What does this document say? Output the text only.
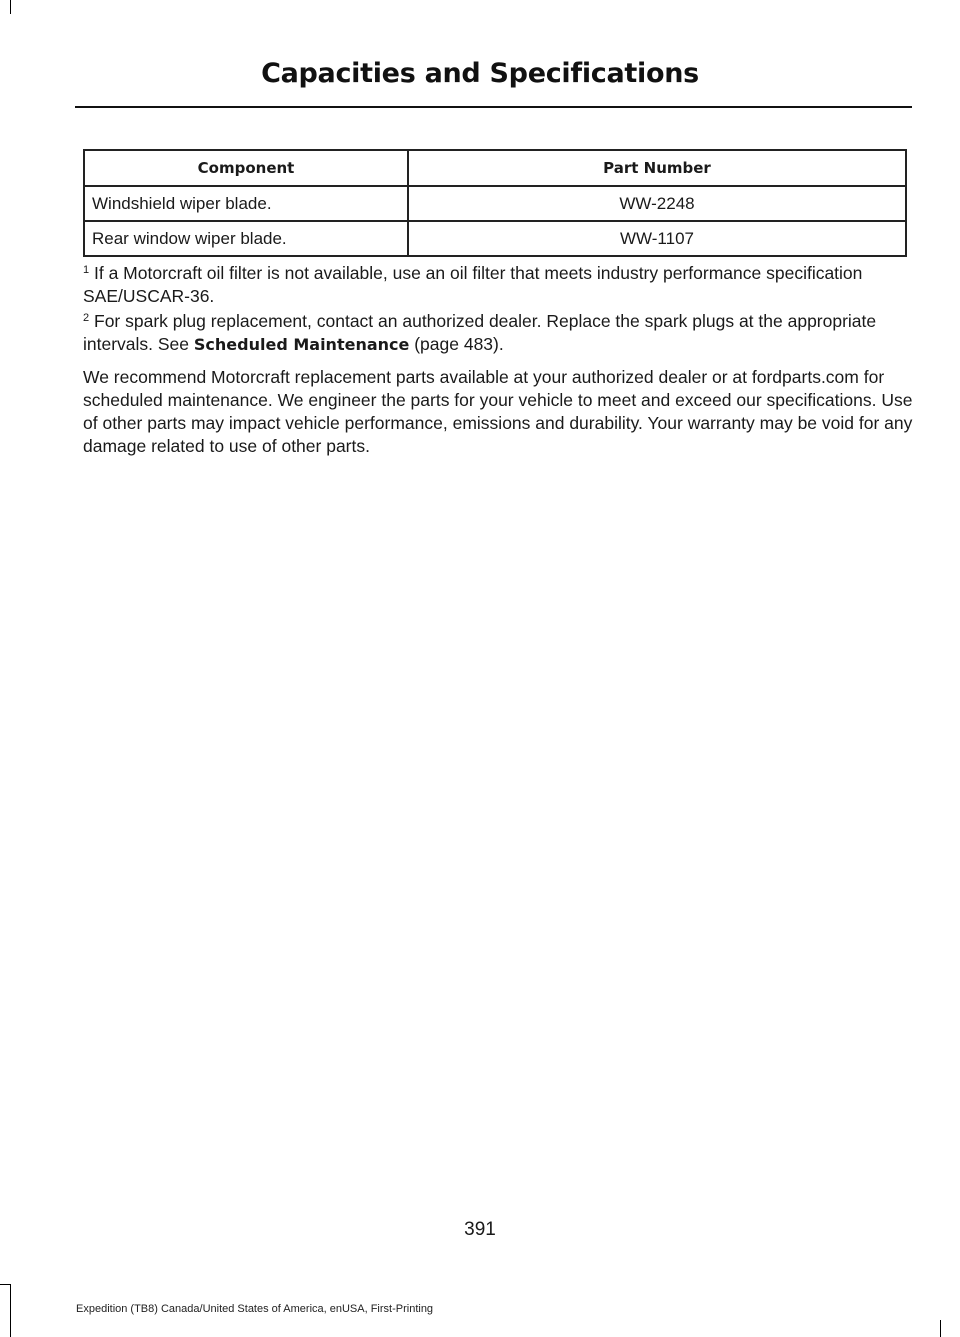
Capacities and Specifications
Component	Part Number
Windshield wiper blade.	WW-2248
Rear window wiper blade.	WW-1107

$^1$ If a Motorcraft oil filter is not available, use an oil filter that meets industry performance specification SAE/USCAR-36.

$^2$ For spark plug replacement, contact an authorized dealer. Replace the spark plugs at the appropriate intervals. See Scheduled Maintenance (page 483).

We recommend Motorcraft replacement parts available at your authorized dealer or at fordparts.com for scheduled maintenance. We engineer the parts for your vehicle to meet and exceed our specifications. Use of other parts may impact vehicle performance, emissions and durability. Your warranty may be void for any damage related to use of other parts.

391
Expedition (TB8) Canada/United States of America, enUSA, First-Printing
